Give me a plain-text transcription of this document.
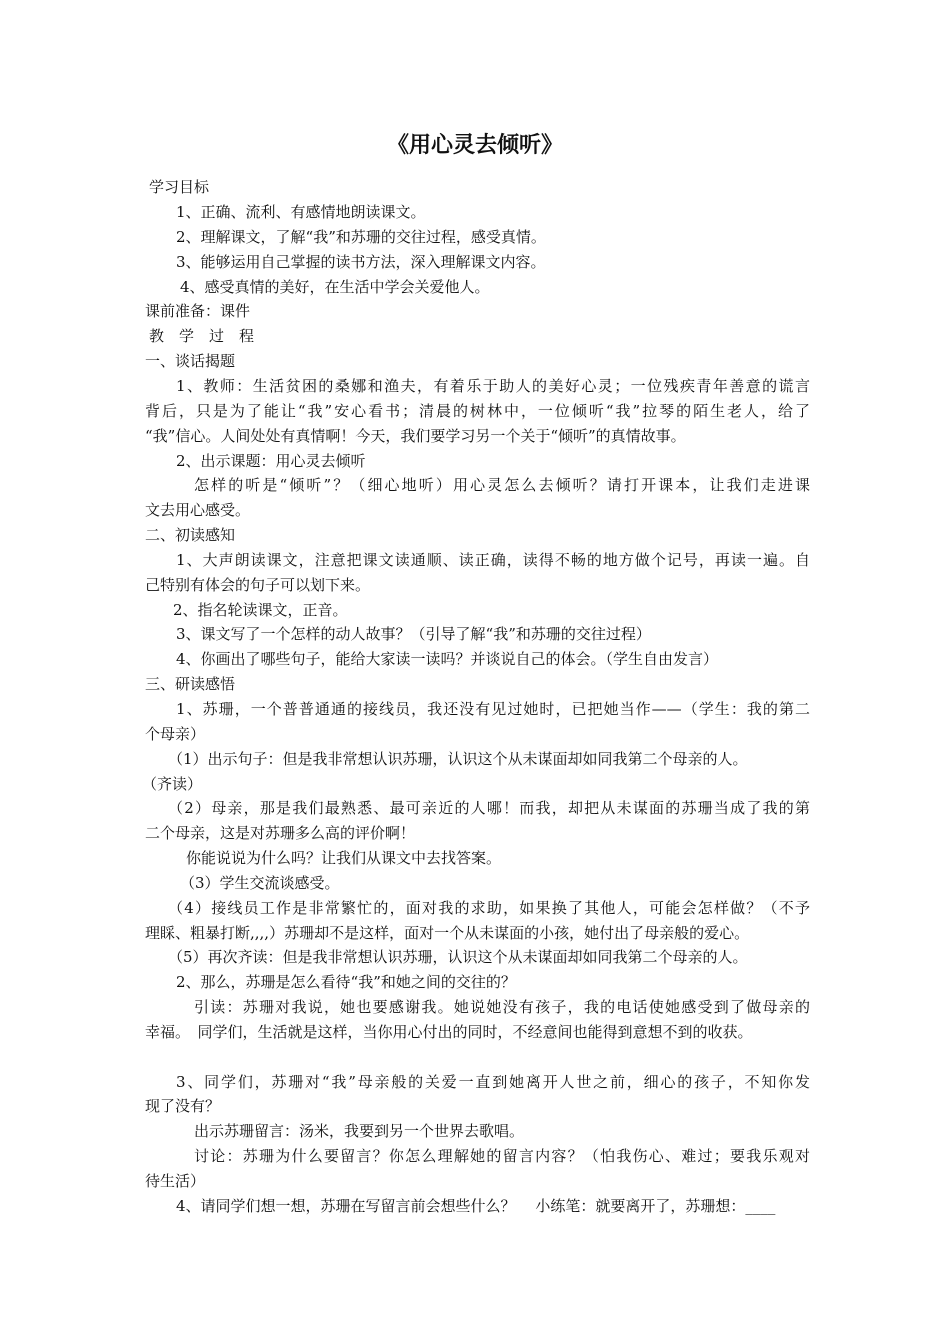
《用心灵去倾听》
学习目标
1、正确、流利、有感情地朗读课文。
2、理解课文，了解“我”和苏珊的交往过程，感受真情。
3、能够运用自己掌握的读书方法，深入理解课文内容。
4、感受真情的美好，在生活中学会关爱他人。
课前准备：课件
教　学　过　程
一、谈话揭题
1、教师：生活贫困的桑娜和渔夫，有着乐于助人的美好心灵；一位残疾青年善意的谎言
背后，只是为了能让“我”安心看书；清晨的树林中，一位倾听“我”拉琴的陌生老人，给了
“我”信心。人间处处有真情啊！今天，我们要学习另一个关于“倾听”的真情故事。
2、出示课题：用心灵去倾听
怎样的听是“倾听”？（细心地听）用心灵怎么去倾听？请打开课本，让我们走进课
文去用心感受。
二、初读感知
1、大声朗读课文，注意把课文读通顺、读正确，读得不畅的地方做个记号，再读一遍。自
己特别有体会的句子可以划下来。
2、指名轮读课文，正音。
3、课文写了一个怎样的动人故事？（引导了解“我”和苏珊的交往过程）
4、你画出了哪些句子，能给大家读一读吗？并谈说自己的体会。（学生自由发言）
三、研读感悟
1、苏珊，一个普普通通的接线员，我还没有见过她时，已把她当作——（学生：我的第二
个母亲）
（1）出示句子：但是我非常想认识苏珊，认识这个从未谋面却如同我第二个母亲的人。
（齐读）
（2）母亲，那是我们最熟悉、最可亲近的人哪！而我，却把从未谋面的苏珊当成了我的第
二个母亲，这是对苏珊多么高的评价啊！
你能说说为什么吗？让我们从课文中去找答案。
（3）学生交流谈感受。
（4）接线员工作是非常繁忙的，面对我的求助，如果换了其他人，可能会怎样做？（不予
理睬、粗暴打断,,,,）苏珊却不是这样，面对一个从未谋面的小孩，她付出了母亲般的爱心。
（5）再次齐读：但是我非常想认识苏珊，认识这个从未谋面却如同我第二个母亲的人。
2、那么，苏珊是怎么看待“我”和她之间的交往的？
引读：苏珊对我说，她也要感谢我。她说她没有孩子，我的电话使她感受到了做母亲的
幸福。　同学们，生活就是这样，当你用心付出的同时，不经意间也能得到意想不到的收获。
3、同学们，苏珊对“我”母亲般的关爱一直到她离开人世之前，细心的孩子，不知你发
现了没有？
出示苏珊留言：汤米，我要到另一个世界去歌唱。
讨论：苏珊为什么要留言？你怎么理解她的留言内容？（怕我伤心、难过；要我乐观对
待生活）
4、请同学们想一想，苏珊在写留言前会想些什么？　 小练笔：就要离开了，苏珊想：____
